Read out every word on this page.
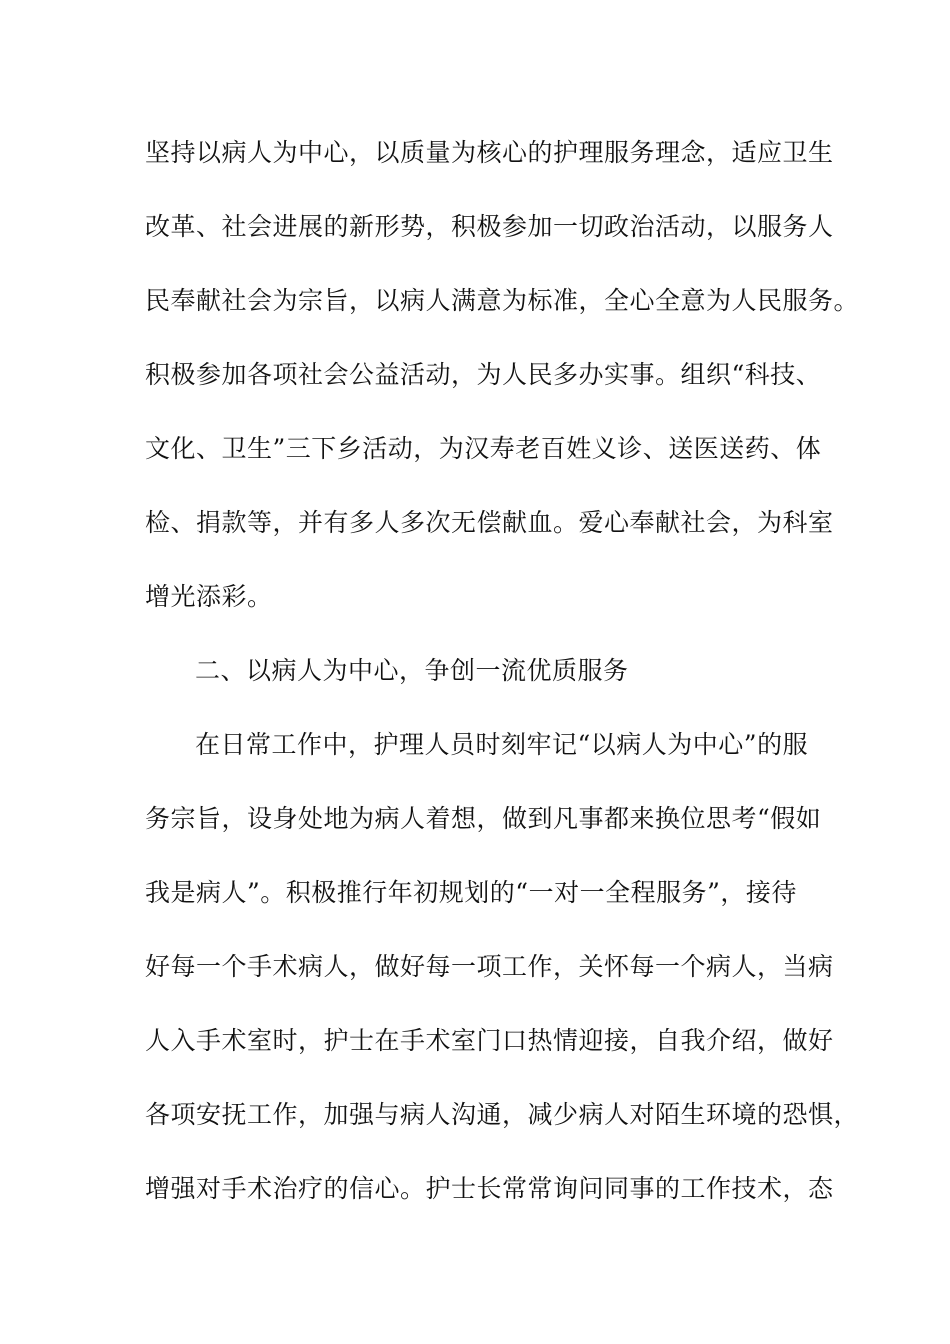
坚持以病人为中心，以质量为核心的护理服务理念，适应卫生
改革、社会进展的新形势，积极参加一切政治活动，以服务人
民奉献社会为宗旨，以病人满意为标准，全心全意为人民服务。
积极参加各项社会公益活动，为人民多办实事。组织“科技、
文化、卫生”三下乡活动，为汉寿老百姓义诊、送医送药、体
检、捐款等，并有多人多次无偿献血。爱心奉献社会，为科室
增光添彩。
二、以病人为中心，争创一流优质服务
在日常工作中，护理人员时刻牢记“以病人为中心”的服
务宗旨，设身处地为病人着想，做到凡事都来换位思考“假如
我是病人”。积极推行年初规划的“一对一全程服务”，接待
好每一个手术病人，做好每一项工作，关怀每一个病人，当病
人入手术室时，护士在手术室门口热情迎接，自我介绍，做好
各项安抚工作，加强与病人沟通，减少病人对陌生环境的恐惧，
增强对手术治疗的信心。护士长常常询问同事的工作技术，态
